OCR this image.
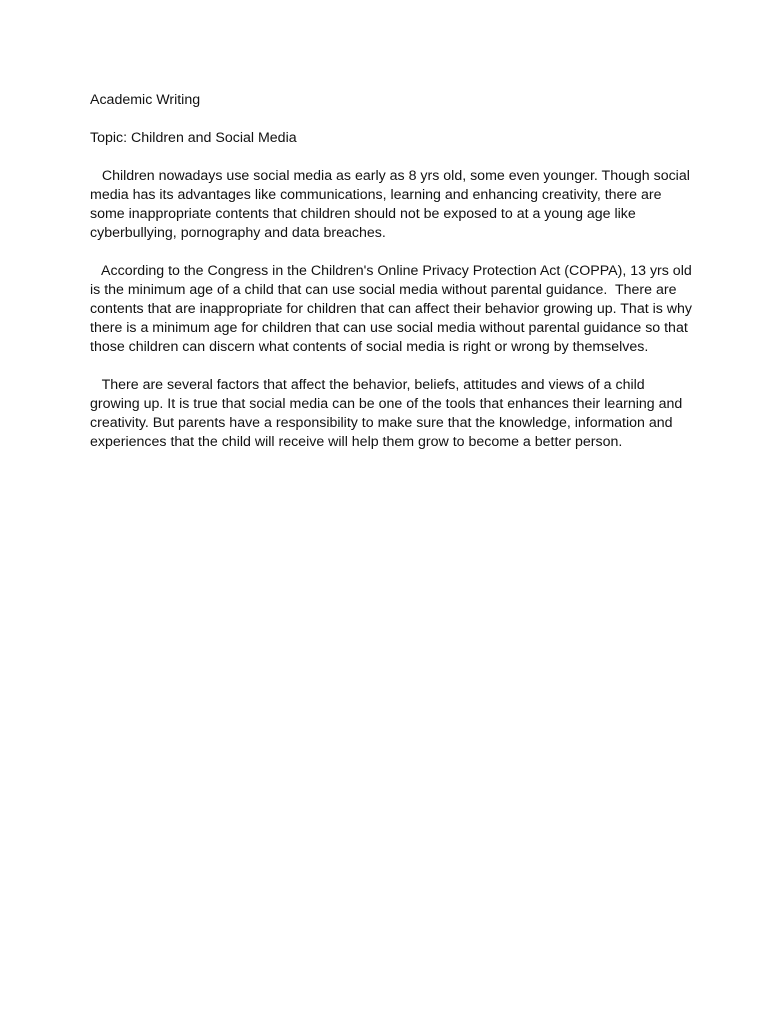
Academic Writing

Topic: Children and Social Media

Children nowadays use social media as early as 8 yrs old, some even younger. Though social

media has its advantages like communications, learning and enhancing creativity, there are

some inappropriate contents that children should not be exposed to at a young age like

cyberbullying, pornography and data breaches.

According to the Congress in the Children's Online Privacy Protection Act (COPPA), 13 yrs old

is the minimum age of a child that can use social media without parental guidance.  There are

contents that are inappropriate for children that can affect their behavior growing up. That is why

there is a minimum age for children that can use social media without parental guidance so that

those children can discern what contents of social media is right or wrong by themselves.

There are several factors that affect the behavior, beliefs, attitudes and views of a child

growing up. It is true that social media can be one of the tools that enhances their learning and

creativity. But parents have a responsibility to make sure that the knowledge, information and

experiences that the child will receive will help them grow to become a better person.
